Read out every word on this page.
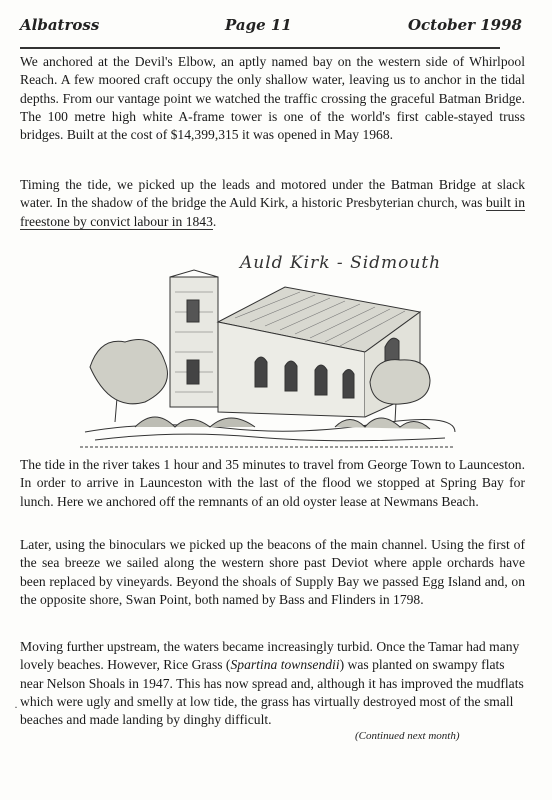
Albatross	Page 11	October 1998

We anchored at the Devil's Elbow, an aptly named bay on the western side of Whirlpool Reach. A few moored craft occupy the only shallow water, leaving us to anchor in the tidal depths. From our vantage point we watched the traffic crossing the graceful Batman Bridge. The 100 metre high white A-frame tower is one of the world's first cable-stayed truss bridges. Built at the cost of $14,399,315 it was opened in May 1968.

Timing the tide, we picked up the leads and motored under the Batman Bridge at slack water. In the shadow of the bridge the Auld Kirk, a historic Presbyterian church, was built in freestone by convict labour in 1843.

Auld Kirk - Sidmouth

The tide in the river takes 1 hour and 35 minutes to travel from George Town to Launceston. In order to arrive in Launceston with the last of the flood we stopped at Spring Bay for lunch. Here we anchored off the remnants of an old oyster lease at Newmans Beach.

Later, using the binoculars we picked up the beacons of the main channel. Using the first of the sea breeze we sailed along the western shore past Deviot where apple orchards have been replaced by vineyards. Beyond the shoals of Supply Bay we passed Egg Island and, on the opposite shore, Swan Point, both named by Bass and Flinders in 1798.

Moving further upstream, the waters became increasingly turbid. Once the Tamar had many lovely beaches. However, Rice Grass (Spartina townsendii) was planted on swampy flats near Nelson Shoals in 1947. This has now spread and, although it has improved the mudflats which were ugly and smelly at low tide, the grass has virtually destroyed most of the small beaches and made landing by dinghy difficult.

·
(Continued next month)
